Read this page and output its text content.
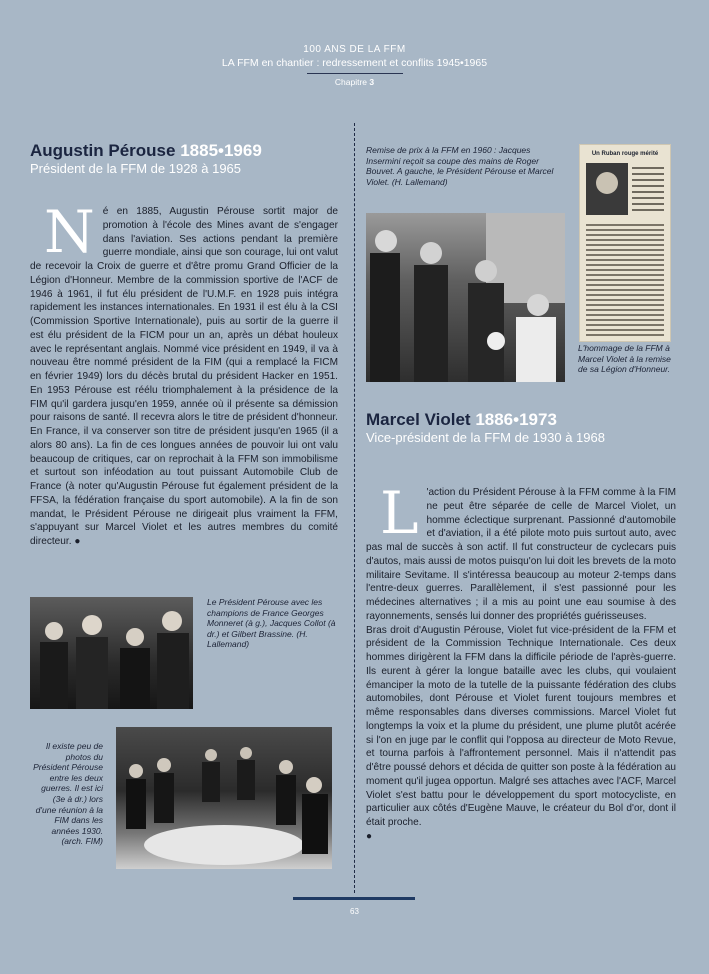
100 ANS DE LA FFM
LA FFM en chantier : redressement et conflits 1945•1965
Chapitre 3
Augustin Pérouse 1885•1969
Président de la FFM de 1928 à 1965
Né en 1885, Augustin Pérouse sortit major de promotion à l'école des Mines avant de s'engager dans l'aviation. Ses actions pendant la première guerre mondiale, ainsi que son courage, lui ont valut de recevoir la Croix de guerre et d'être promu Grand Officier de la Légion d'Honneur. Membre de la commission sportive de l'ACF de 1946 à 1961, il fut élu président de l'U.M.F. en 1928 puis intégra rapidement les instances internationales. En 1931 il est élu à la CSI (Commission Sportive Internationale), puis au sortir de la guerre il est élu président de la FICM pour un an, après un débat houleux avec le représentant anglais. Nommé vice président en 1949, il va à nouveau être nommé président de la FIM (qui a remplacé la FICM en février 1949) lors du décès brutal du président Hacker en 1951. En 1953 Pérouse est réélu triomphalement à la présidence de la FIM qu'il gardera jusqu'en 1959, année où il présente sa démission pour raisons de santé. Il recevra alors le titre de président d'honneur. En France, il va conserver son titre de président jusqu'en 1965 (il a alors 80 ans). La fin de ces longues années de pouvoir lui ont valu beaucoup de critiques, car on reprochait à la FFM son immobilisme et surtout son inféodation au tout puissant Automobile Club de France (à noter qu'Augustin Pérouse fut également président de la FFSA, la fédération française du sport automobile). A la fin de son mandat, le Président Pérouse ne dirigeait plus vraiment la FFM, s'appuyant sur Marcel Violet et les autres membres du comité directeur. ●
Le Président Pérouse avec les champions de France Georges Monneret (à g.), Jacques Collot (à dr.) et Gilbert Brassine. (H. Lallemand)
Il existe peu de photos du Président Pérouse entre les deux guerres. Il est ici (3e à dr.) lors d'une réunion à la FIM dans les années 1930. (arch. FIM)
Remise de prix à la FFM en 1960 : Jacques Insermini reçoit sa coupe des mains de Roger Bouvet. A gauche, le Président Pérouse et Marcel Violet. (H. Lallemand)
Un Ruban rouge mérité
L'hommage de la FFM à Marcel Violet à la remise de sa Légion d'Honneur.
Marcel Violet 1886•1973
Vice-président de la FFM de 1930 à 1968
L 'action du Président Pérouse à la FFM comme à la FIM ne peut être séparée de celle de Marcel Violet, un homme éclectique surprenant. Passionné d'automobile et d'aviation, il a été pilote moto puis surtout auto, avec pas mal de succès à son actif. Il fut constructeur de cyclecars puis d'autos, mais aussi de motos puisqu'on lui doit les brevets de la moto militaire Sevitame. Il s'intéressa beaucoup au moteur 2-temps dans l'entre-deux guerres. Parallèlement, il s'est passionné pour les médecines alternatives ; il a mis au point une eau soumise à des rayonnements, sensés lui donner des propriétés guérisseuses.
Bras droit d'Augustin Pérouse, Violet fut vice-président de la FFM et président de la Commission Technique Internationale. Ces deux hommes dirigèrent la FFM dans la difficile période de l'après-guerre. Ils eurent à gérer la longue bataille avec les clubs, qui voulaient émanciper la moto de la tutelle de la puissante fédération des clubs automobiles, dont Pérouse et Violet furent toujours membres et même responsables dans diverses commissions. Marcel Violet fut longtemps la voix et la plume du président, une plume plutôt acérée si l'on en juge par le conflit qui l'opposa au directeur de Moto Revue, et tourna parfois à l'affrontement personnel. Mais il n'attendit pas d'être poussé dehors et décida de quitter son poste à la fédération au moment qu'il jugea opportun. Malgré ses attaches avec l'ACF, Marcel Violet s'est battu pour le développement du sport motocycliste, en particulier aux côtés d'Eugène Mauve, le créateur du Bol d'or, dont il était proche.
●
63
